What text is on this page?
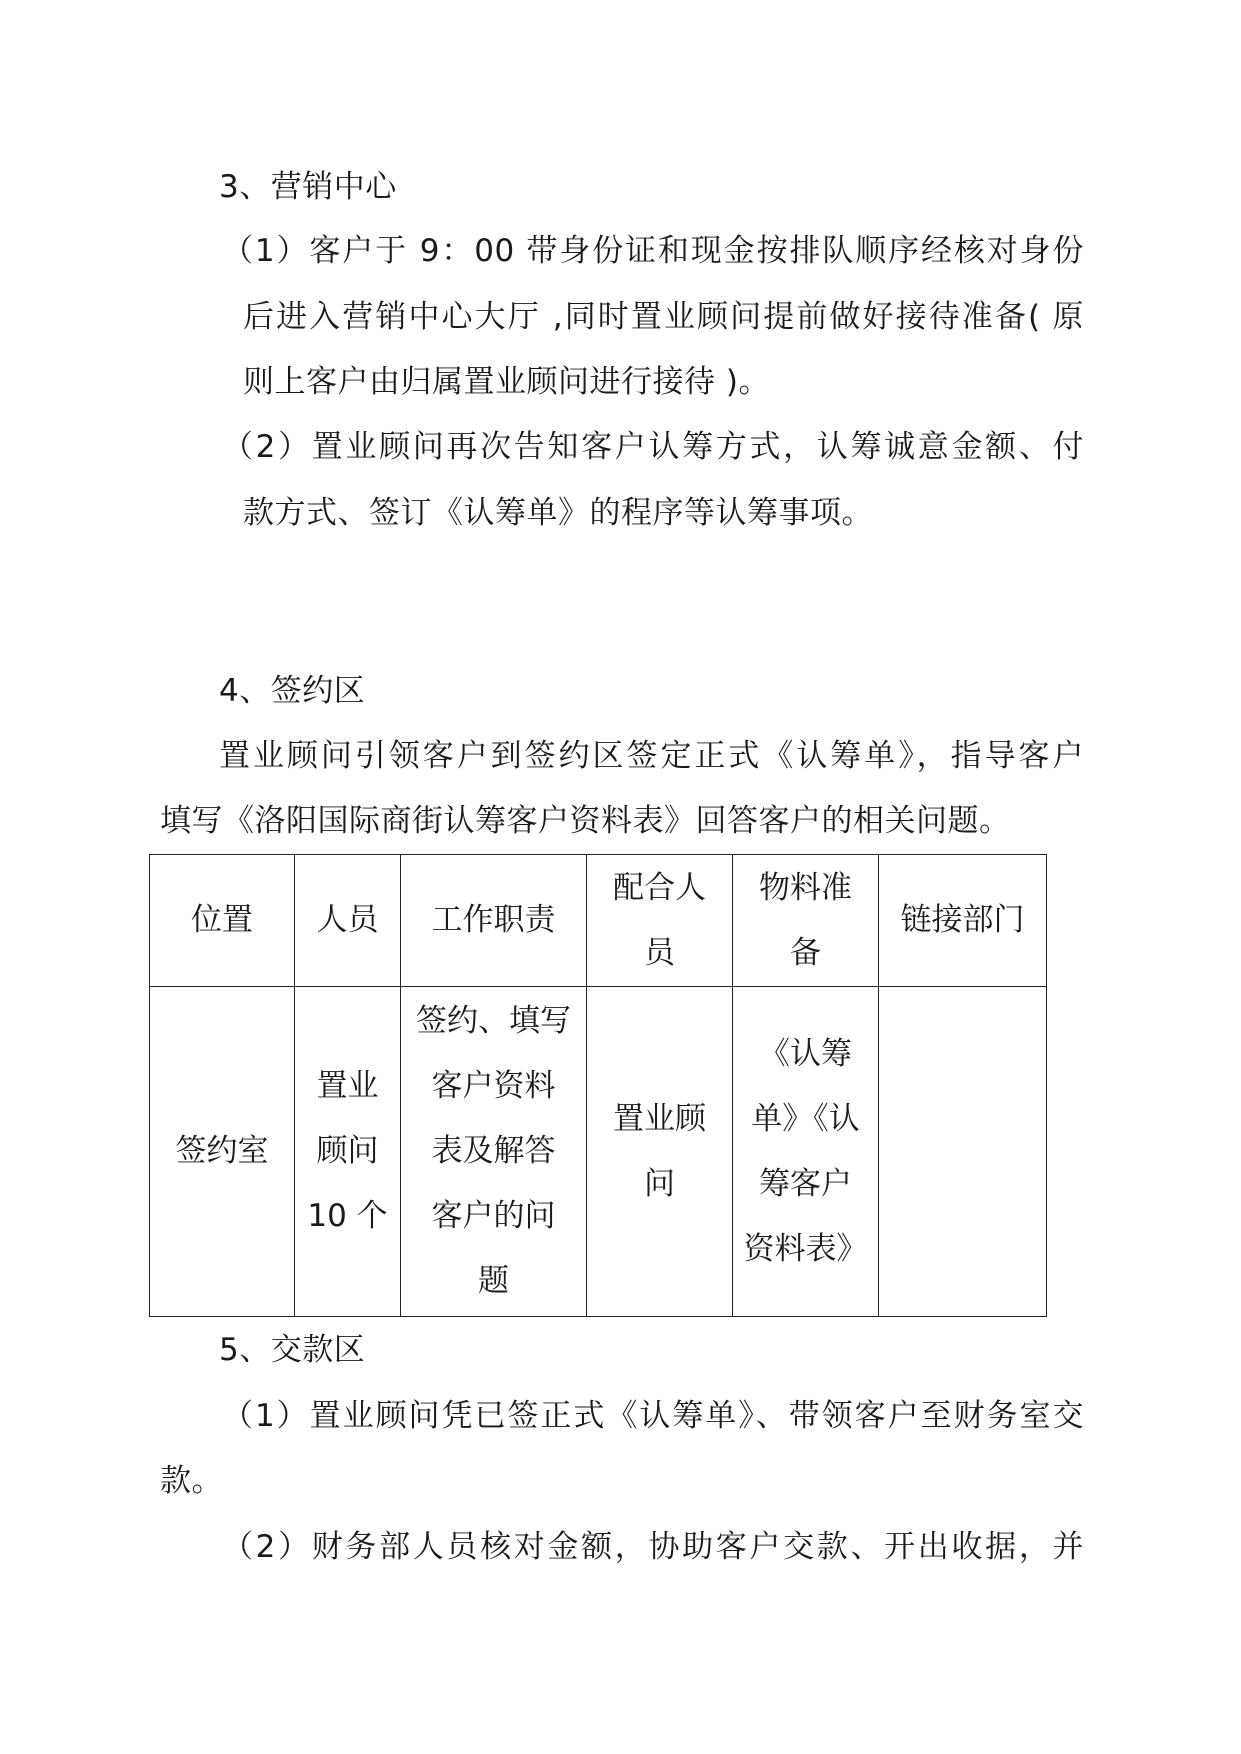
3、营销中心
（1）客户于 9：00 带身份证和现金按排队顺序经核对身份
后进入营销中心大厅 ,同时置业顾问提前做好接待准备( 原
则上客户由归属置业顾问进行接待 )。
（2）置业顾问再次告知客户认筹方式，认筹诚意金额、付
款方式、签订《认筹单》的程序等认筹事项。
4、签约区
置业顾问引领客户到签约区签定正式《认筹单》，指导客户
填写《洛阳国际商街认筹客户资料表》回答客户的相关问题。
位置	人员	工作职责	配合人
员	物料准
备	链接部门

签约室	置业
顾问
10 个	签约、填写
客户资料
表及解答
客户的问
题	置业顾
问	《认筹
单》《认
筹客户
资料表》	

5、交款区
（1）置业顾问凭已签正式《认筹单》、带领客户至财务室交
款。
（2）财务部人员核对金额，协助客户交款、开出收据，并
